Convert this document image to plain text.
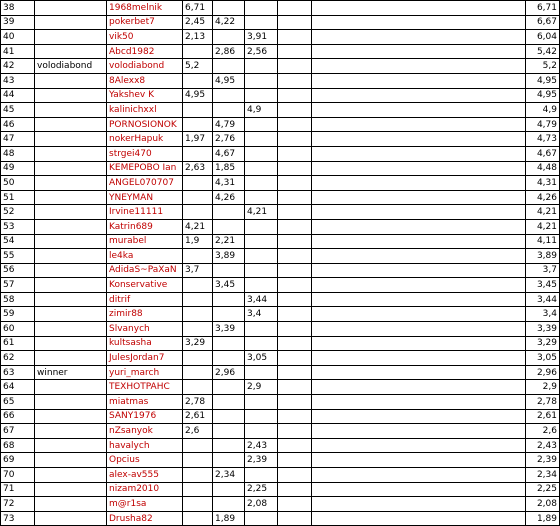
38		1968melnik	6,71					6,71
39		pokerbet7	2,45	4,22				6,67
40		vik50	2,13		3,91			6,04
41		Abcd1982		2,86	2,56			5,42
42	volodiabond	volodiabond	5,2					5,2
43		8Alexx8		4,95				4,95
44		Yakshev K	4,95					4,95
45		kalinichxxl			4,9			4,9
46		PORNOSIONOK		4,79				4,79
47		nokerHapuk	1,97	2,76				4,73
48		strgei470		4,67				4,67
49		KEMEPOBO Ian	2,63	1,85				4,48
50		ANGEL070707		4,31				4,31
51		YNEYMAN		4,26				4,26
52		Irvine11111			4,21			4,21
53		Katrin689	4,21					4,21
54		murabel	1,9	2,21				4,11
55		le4ka		3,89				3,89
56		AdidaS~PaXaN	3,7					3,7
57		Konservative		3,45				3,45
58		ditrif			3,44			3,44
59		zimir88			3,4			3,4
60		Slvanych		3,39				3,39
61		kultsasha	3,29					3,29
62		JulesJordan7			3,05			3,05
63	winner	yuri_march		2,96				2,96
64		TEXHOTPAHC			2,9			2,9
65		miatmas	2,78					2,78
66		SANY1976	2,61					2,61
67		nZsanyok	2,6					2,6
68		havalych			2,43			2,43
69		Opcius			2,39			2,39
70		alex-av555		2,34				2,34
71		nizam2010			2,25			2,25
72		m@r1sa			2,08			2,08
73		Drusha82		1,89				1,89
